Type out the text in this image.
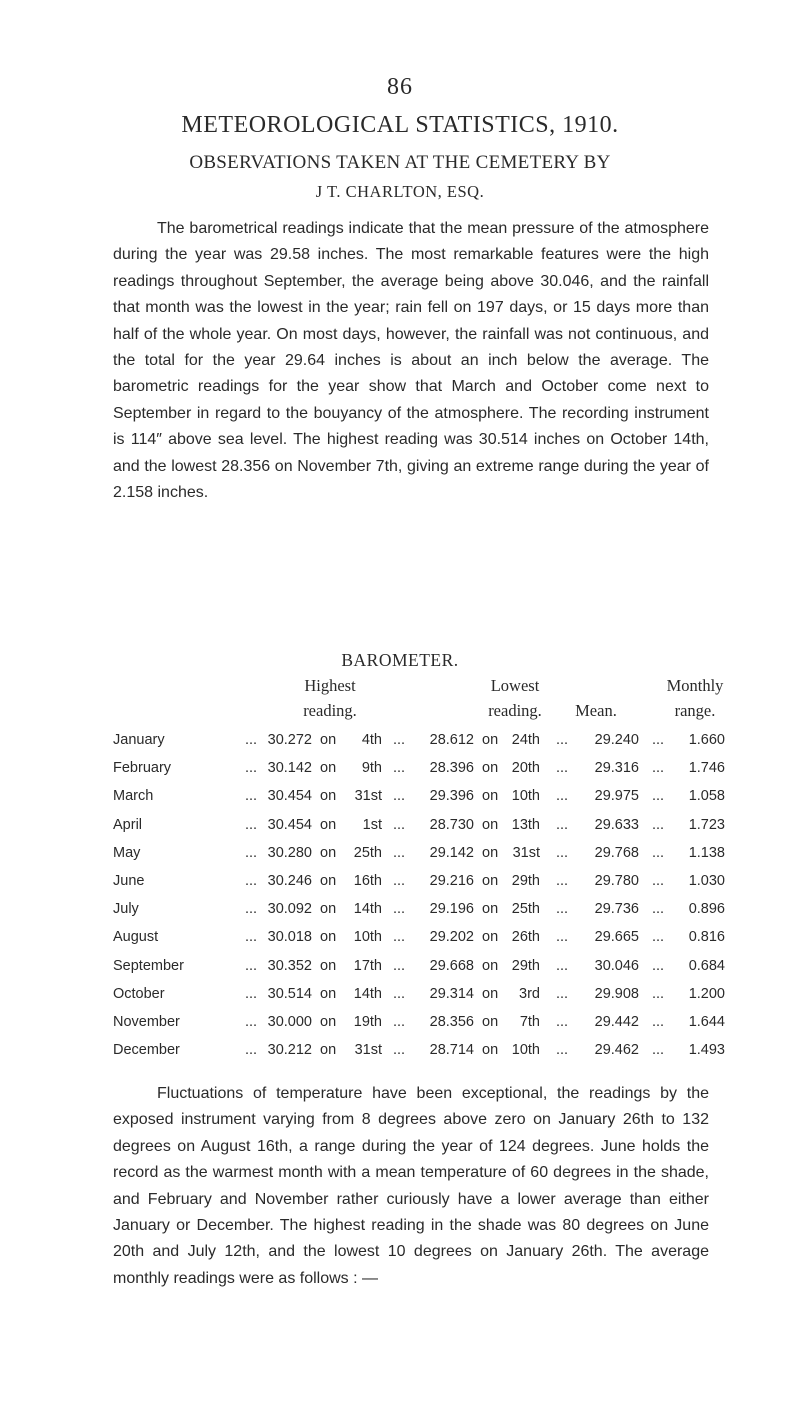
86
METEOROLOGICAL STATISTICS, 1910.
OBSERVATIONS TAKEN AT THE CEMETERY BY
J T. CHARLTON, ESQ.

The barometrical readings indicate that the mean pressure of the atmosphere during the year was 29.58 inches. The most remarkable features were the high readings throughout September, the average being above 30.046, and the rainfall that month was the lowest in the year; rain fell on 197 days, or 15 days more than half of the whole year. On most days, however, the rainfall was not continuous, and the total for the year 29.64 inches is about an inch below the average. The barometric readings for the year show that March and October come next to September in regard to the bouyancy of the atmosphere. The recording instrument is 114″ above sea level. The highest reading was 30.514 inches on October 14th, and the lowest 28.356 on November 7th, giving an extreme range during the year of 2.158 inches.

BAROMETER.
Highest
reading.
Lowest
reading.	Mean.
Monthly
range.
January	... 30.272 on	4th ...	28.612 on 24th ...	29.240 ...	1.660
February	... 30.142 on	9th ...	28.396 on 20th ...	29.316 ...	1.746
March	... 30.454 on	31st ...	29.396 on 10th ...	29.975 ...	1.058
April	... 30.454 on	1st ...	28.730 on 13th ...	29.633 ...	1.723
May	... 30.280 on	25th ...	29.142 on 31st ...	29.768 ...	1.138
June	... 30.246 on	16th ...	29.216 on 29th ...	29.780 ...	1.030
July	... 30.092 on	14th ...	29.196 on 25th ...	29.736 ...	0.896
August	... 30.018 on	10th ...	29.202 on 26th ...	29.665 ...	0.816
September	... 30.352 on	17th ...	29.668 on 29th ...	30.046 ...	0.684
October	... 30.514 on	14th ...	29.314 on	3rd ...	29.908 ...	1.200
November	... 30.000 on	19th ...	28.356 on	7th ...	29.442 ...	1.644
December	... 30.212 on	31st ...	28.714 on 10th ...	29.462 ...	1.493

Fluctuations of temperature have been exceptional, the readings by the exposed instrument varying from 8 degrees above zero on January 26th to 132 degrees on August 16th, a range during the year of 124 degrees. June holds the record as the warmest month with a mean temperature of 60 degrees in the shade, and February and November rather curiously have a lower average than either January or December. The highest reading in the shade was 80 degrees on June 20th and July 12th, and the lowest 10 degrees on January 26th. The average monthly readings were as follows : —
